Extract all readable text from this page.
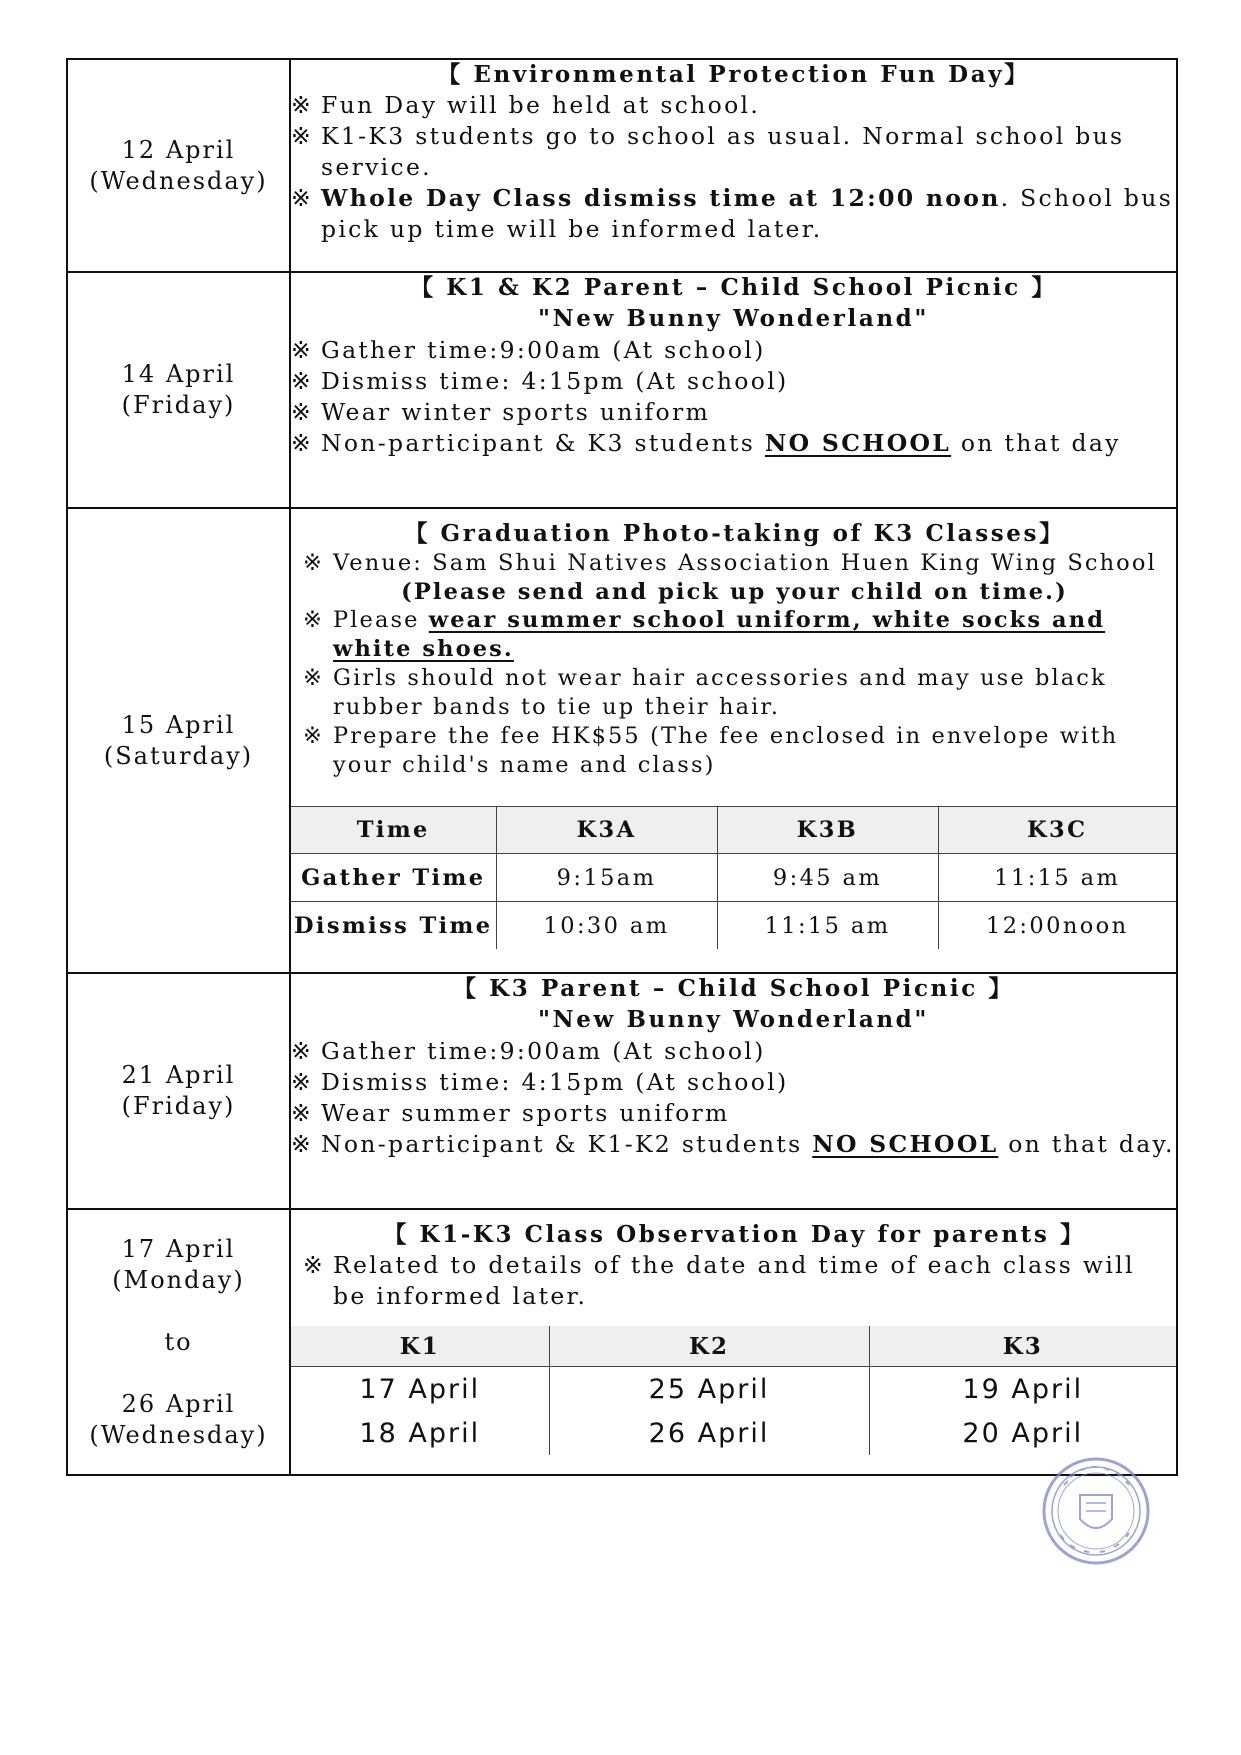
12 April
(Wednesday)

【 Environmental Protection Fun Day】
※ Fun Day will be held at school.
※ K1-K3 students go to school as usual. Normal school bus service.
※ Whole Day Class dismiss time at 12:00 noon. School bus pick up time will be informed later.

14 April
(Friday)

【 K1 & K2 Parent – Child School Picnic 】
"New Bunny Wonderland"
※ Gather time:9:00am (At school)
※ Dismiss time: 4:15pm (At school)
※ Wear winter sports uniform
※ Non-participant & K3 students NO SCHOOL on that day

15 April
(Saturday)

【 Graduation Photo-taking of K3 Classes】
※ Venue: Sam Shui Natives Association Huen King Wing School
(Please send and pick up your child on time.)
※ Please wear summer school uniform, white socks and white shoes.
※ Girls should not wear hair accessories and may use black rubber bands to tie up their hair.
※ Prepare the fee HK$55 (The fee enclosed in envelope with your child's name and class)
Time	K3A	K3B	K3C
Gather Time	9:15am	9:45 am	11:15 am
Dismiss Time	10:30 am	11:15 am	12:00noon

21 April
(Friday)

【 K3 Parent – Child School Picnic 】
"New Bunny Wonderland"
※ Gather time:9:00am (At school)
※ Dismiss time: 4:15pm (At school)
※ Wear summer sports uniform
※ Non-participant & K1-K2 students NO SCHOOL on that day.

17 April
(Monday)
to
26 April
(Wednesday)

【 K1-K3 Class Observation Day for parents 】
※ Related to details of the date and time of each class will be informed later.
K1	K2	K3
17 April	25 April	19 April
18 April	26 April	20 April
